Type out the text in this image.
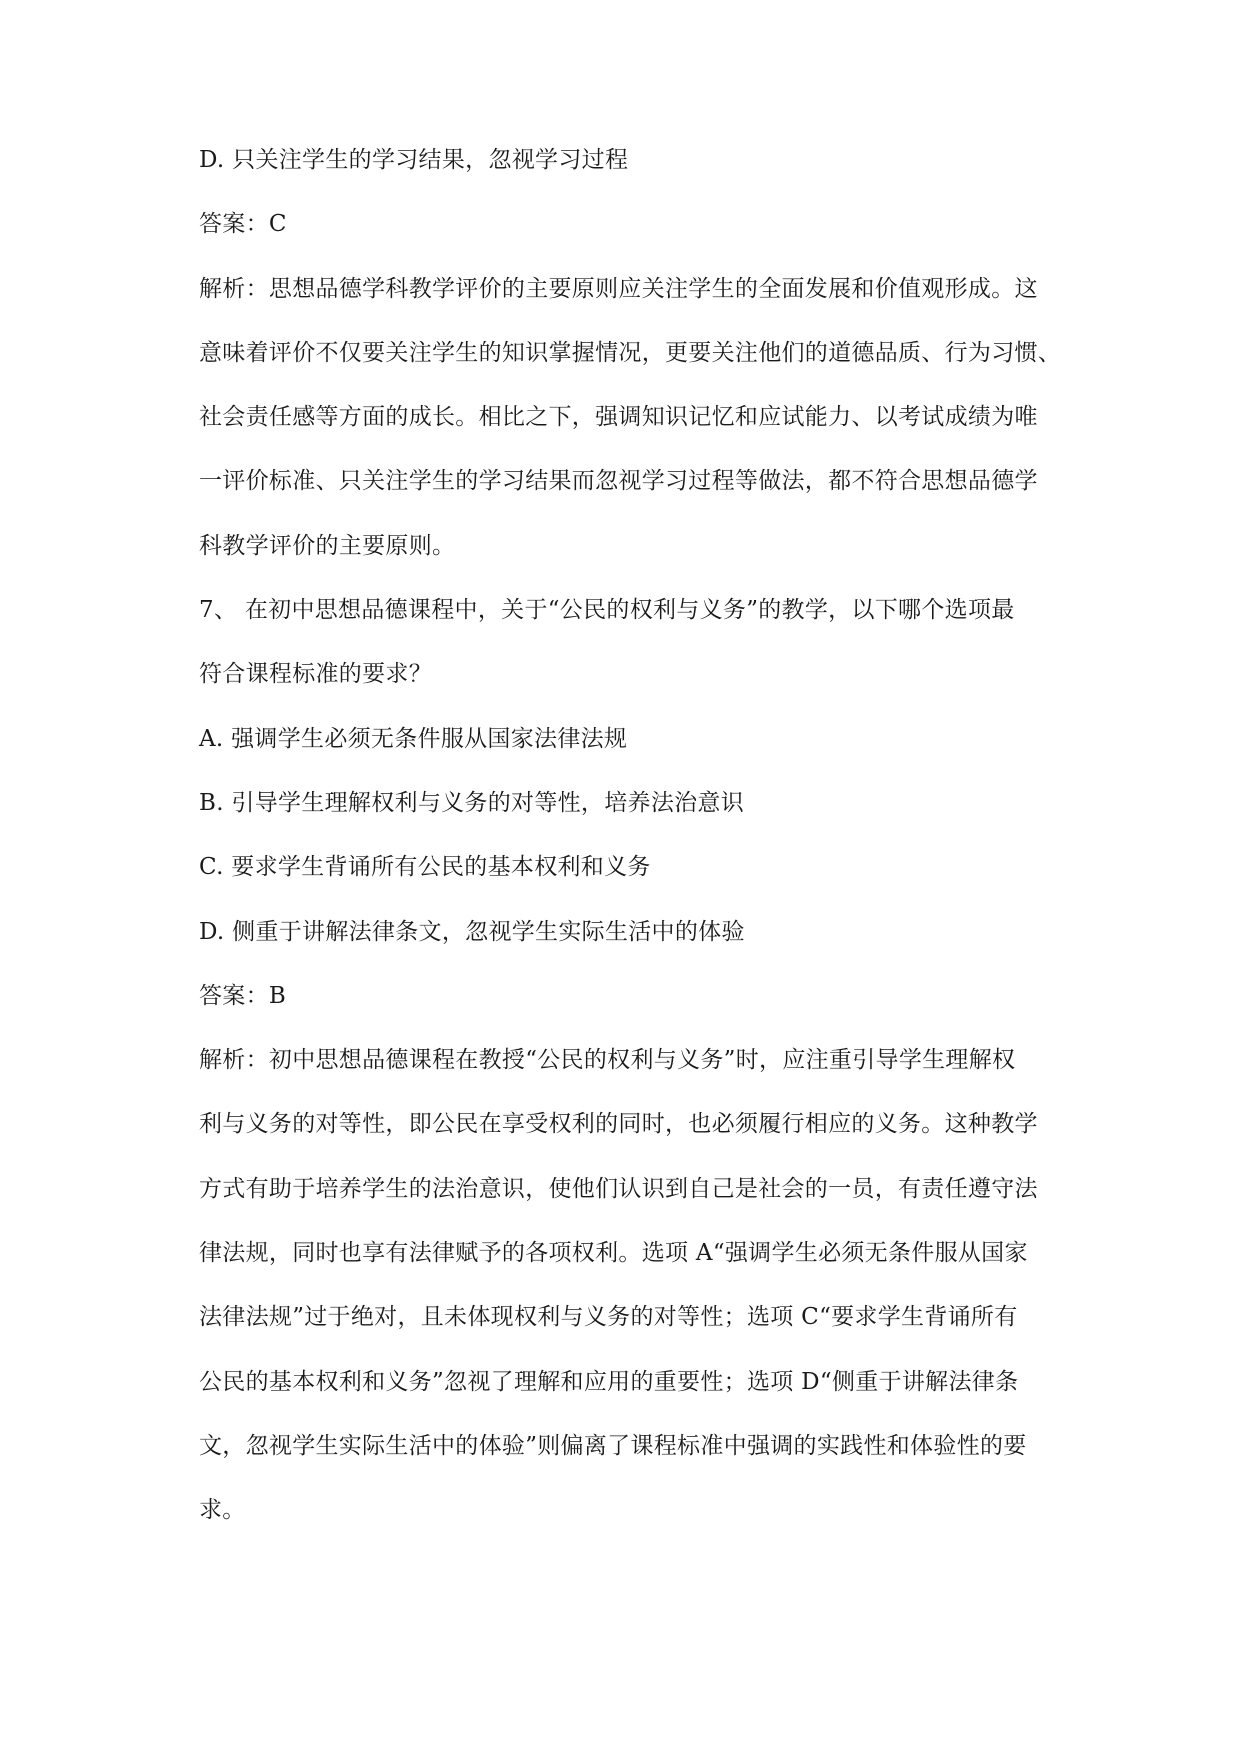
D. 只关注学生的学习结果，忽视学习过程
答案：C
解析：思想品德学科教学评价的主要原则应关注学生的全面发展和价值观形成。这
意味着评价不仅要关注学生的知识掌握情况，更要关注他们的道德品质、行为习惯、
社会责任感等方面的成长。相比之下，强调知识记忆和应试能力、以考试成绩为唯
一评价标准、只关注学生的学习结果而忽视学习过程等做法，都不符合思想品德学
科教学评价的主要原则。
7、 在初中思想品德课程中，关于“公民的权利与义务”的教学，以下哪个选项最
符合课程标准的要求？
A. 强调学生必须无条件服从国家法律法规
B. 引导学生理解权利与义务的对等性，培养法治意识
C. 要求学生背诵所有公民的基本权利和义务
D. 侧重于讲解法律条文，忽视学生实际生活中的体验
答案：B
解析：初中思想品德课程在教授“公民的权利与义务”时，应注重引导学生理解权
利与义务的对等性，即公民在享受权利的同时，也必须履行相应的义务。这种教学
方式有助于培养学生的法治意识，使他们认识到自己是社会的一员，有责任遵守法
律法规，同时也享有法律赋予的各项权利。选项 A“强调学生必须无条件服从国家
法律法规”过于绝对，且未体现权利与义务的对等性；选项 C“要求学生背诵所有
公民的基本权利和义务”忽视了理解和应用的重要性；选项 D“侧重于讲解法律条
文，忽视学生实际生活中的体验”则偏离了课程标准中强调的实践性和体验性的要
求。
